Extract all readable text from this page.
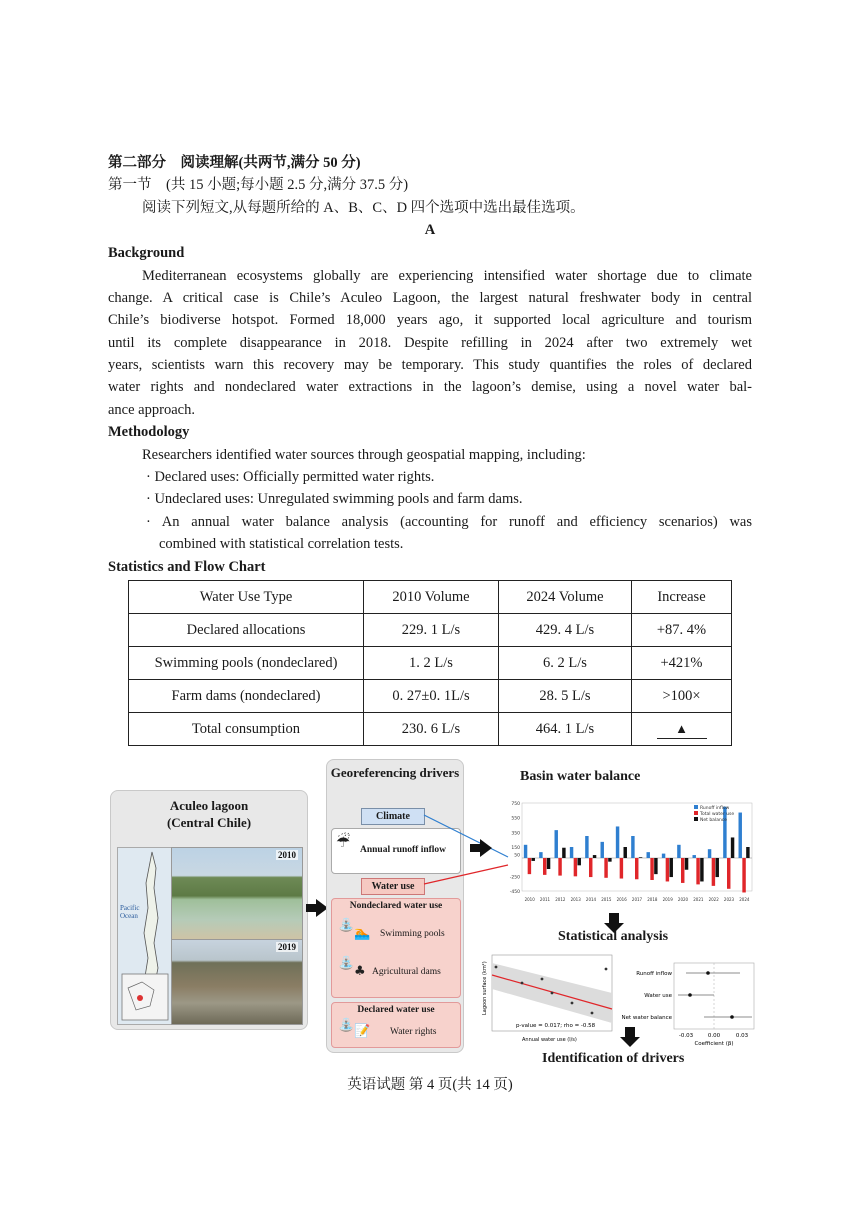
第二部分　阅读理解(共两节,满分 50 分)
第一节　(共 15 小题;每小题 2.5 分,满分 37.5 分)
阅读下列短文,从每题所给的 A、B、C、D 四个选项中选出最佳选项。
A
Background
Mediterranean ecosystems globally are experiencing intensified water shortage due to climate
change. A critical case is Chile’s Aculeo Lagoon, the largest natural freshwater body in central
Chile’s biodiverse hotspot. Formed 18,000 years ago, it supported local agriculture and tourism
until its complete disappearance in 2018. Despite refilling in 2024 after two extremely wet
years, scientists warn this recovery may be temporary. This study quantifies the roles of declared
water rights and nondeclared water extractions in the lagoon’s demise, using a novel water bal-
ance approach.
Methodology
Researchers identified water sources through geospatial mapping, including:
· Declared uses: Officially permitted water rights.
· Undeclared uses: Unregulated swimming pools and farm dams.
· An annual water balance analysis (accounting for runoff and efficiency scenarios) was
combined with statistical correlation tests.
Statistics and Flow Chart
Water Use Type	2010 Volume	2024 Volume	Increase
Declared allocations	229. 1 L/s	429. 4 L/s	+87. 4%
Swimming pools (nondeclared)	1. 2 L/s	6. 2 L/s	+421%
Farm dams (nondeclared)	0. 27±0. 1L/s	28. 5 L/s	>100×
Total consumption	230. 6 L/s	464. 1 L/s	▲
Aculeo lagoon
(Central Chile)
Pacific Ocean
2010
2019
Georeferencing drivers
Climate
☔ Annual runoff inflow
Water use
Nondeclared water use
⛲
🏊 Swimming pools
⛲
♣ Agricultural dams
Declared water use
⛲ 📝 Water rights
Basin water balance
750
550
350
150
50
-250
-450
2010 2011 2012 2013 2014 2015 2016 2017 2018 2019 2020 2021 2022 2023 2024
Runoff inflow
Total water use
Net balance
Statistical analysis
p-value = 0.017; rho = -0.58
Annual water use (l/s)
Lagoon surface (km²)	Runoff inflow
Water use
Net water balance
-0.03	0.00	0.03
Coefficient (β)
Identification of drivers
英语试题 第 4 页(共 14 页)
